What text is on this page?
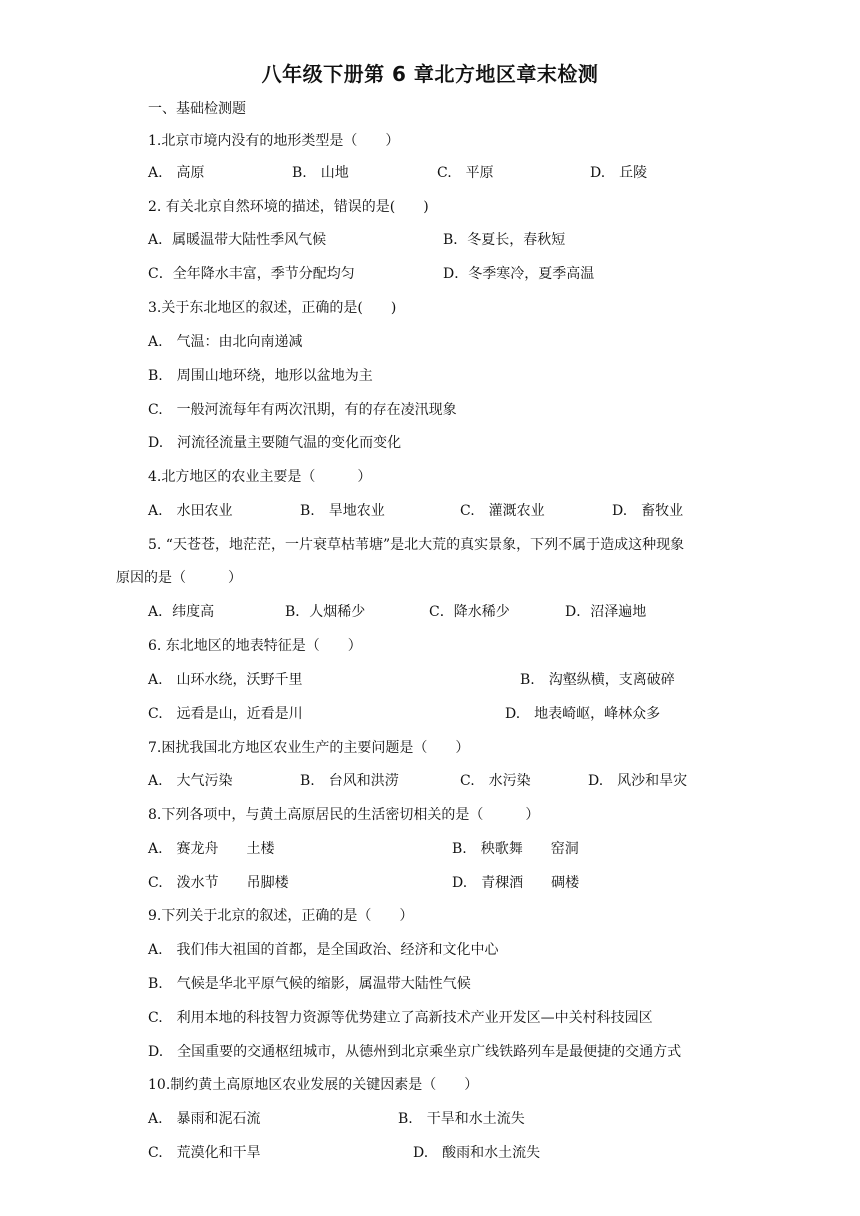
八年级下册第 6 章北方地区章末检测
一、基础检测题
1.北京市境内没有的地形类型是（　　）
A.　高原	B.　山地	C.　平原	D.　丘陵
2. 有关北京自然环境的描述，错误的是(　　)
A．属暖温带大陆性季风气候	B．冬夏长，春秋短
C．全年降水丰富，季节分配均匀	D．冬季寒冷，夏季高温
3.关于东北地区的叙述，正确的是(　　)
A.　气温：由北向南递减
B.　周围山地环绕，地形以盆地为主
C.　一般河流每年有两次汛期，有的存在凌汛现象
D.　河流径流量主要随气温的变化而变化
4.北方地区的农业主要是（　　　）
A.　水田农业	B.　旱地农业	C.　灌溉农业	D.　畜牧业
5. “天苍苍，地茫茫，一片衰草枯苇塘”是北大荒的真实景象，下列不属于造成这种现象
原因的是（　　　）
A．纬度高	B．人烟稀少	C．降水稀少	D．沼泽遍地
6. 东北地区的地表特征是（　　）
A.　山环水绕，沃野千里	B.　沟壑纵横，支离破碎
C.　远看是山，近看是川	D.　地表崎岖，峰林众多
7.困扰我国北方地区农业生产的主要问题是（　　）
A.　大气污染	B.　台风和洪涝	C.　水污染	D.　风沙和旱灾
8.下列各项中，与黄土高原居民的生活密切相关的是（　　　）
A.　赛龙舟　　土楼	B.　秧歌舞　　窑洞
C.　泼水节　　吊脚楼	D.　青稞酒　　碉楼
9.下列关于北京的叙述，正确的是（　　）
A.　我们伟大祖国的首都，是全国政治、经济和文化中心
B.　气候是华北平原气候的缩影，属温带大陆性气候
C.　利用本地的科技智力资源等优势建立了高新技术产业开发区—中关村科技园区
D.　全国重要的交通枢纽城市，从德州到北京乘坐京广线铁路列车是最便捷的交通方式
10.制约黄土高原地区农业发展的关键因素是（　　）
A.　暴雨和泥石流	B.　干旱和水土流失
C.　荒漠化和干旱	D.　酸雨和水土流失
